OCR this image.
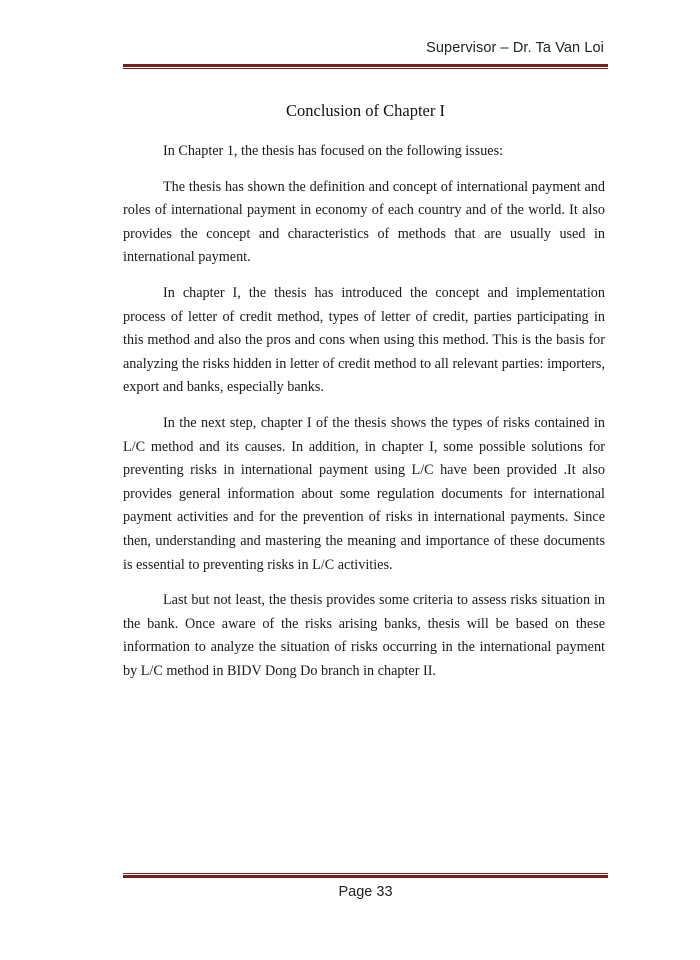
Supervisor – Dr. Ta Van Loi
Conclusion of Chapter I

In Chapter 1, the thesis has focused on the following issues:

The thesis has shown the definition and concept of international payment and roles of international payment in economy of each country and of the world. It also provides the concept and characteristics of methods that are usually used in international payment.

In chapter I, the thesis has introduced the concept and implementation process of letter of credit method, types of letter of credit, parties participating in this method and also the pros and cons when using this method. This is the basis for analyzing the risks hidden in letter of credit method to all relevant parties: importers, export and banks, especially banks.

In the next step, chapter I of the thesis shows the types of risks contained in L/C method and its causes. In addition, in chapter I, some possible solutions for preventing risks in international payment using L/C have been provided .It also provides general information about some regulation documents for international payment activities and for the prevention of risks in international payments. Since then, understanding and mastering the meaning and importance of these documents is essential to preventing risks in L/C activities.

Last but not least, the thesis provides some criteria to assess risks situation in the bank. Once aware of the risks arising banks, thesis will be based on these information to analyze the situation of risks occurring in the international payment by L/C method in BIDV Dong Do branch in chapter II.

Page 33
